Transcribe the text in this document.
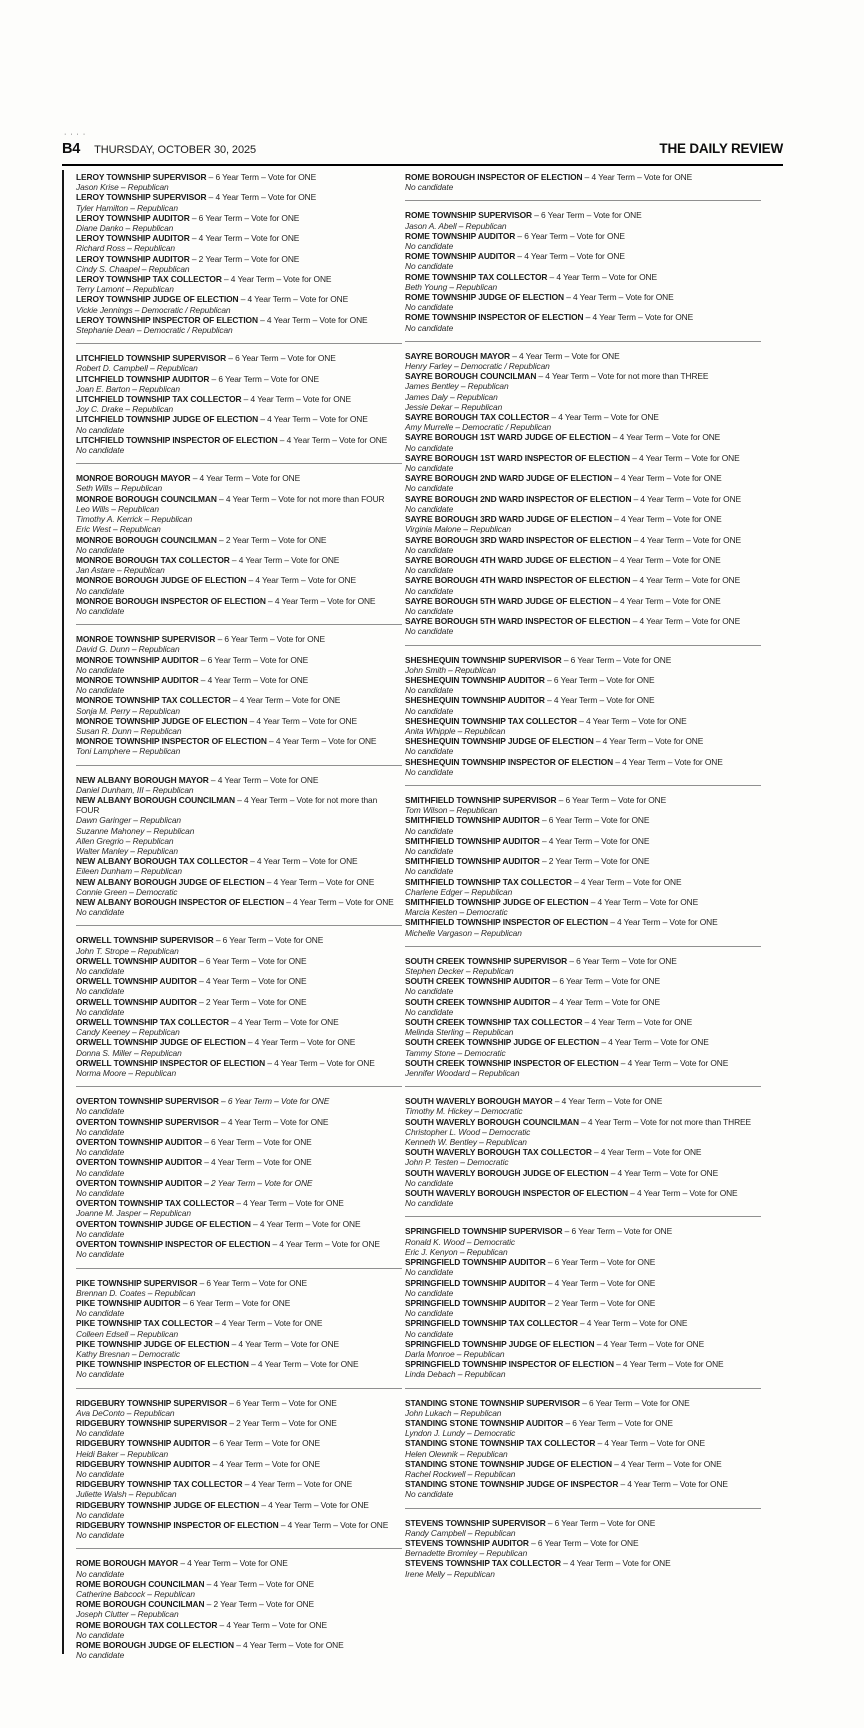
· · · ·
B4 THURSDAY, OCTOBER 30, 2025	THE DAILY REVIEW

LEROY TOWNSHIP SUPERVISOR – 6 Year Term – Vote for ONE

Jason Krise – Republican

LEROY TOWNSHIP SUPERVISOR – 4 Year Term – Vote for ONE

Tyler Hamilton – Republican

LEROY TOWNSHIP AUDITOR – 6 Year Term – Vote for ONE

Diane Danko – Republican

LEROY TOWNSHIP AUDITOR – 4 Year Term – Vote for ONE

Richard Ross – Republican

LEROY TOWNSHIP AUDITOR – 2 Year Term – Vote for ONE

Cindy S. Chaapel – Republican

LEROY TOWNSHIP TAX COLLECTOR – 4 Year Term – Vote for ONE

Terry Lamont – Republican

LEROY TOWNSHIP JUDGE OF ELECTION – 4 Year Term – Vote for ONE

Vickie Jennings – Democratic / Republican

LEROY TOWNSHIP INSPECTOR OF ELECTION – 4 Year Term – Vote for ONE

Stephanie Dean – Democratic / Republican

LITCHFIELD TOWNSHIP SUPERVISOR – 6 Year Term – Vote for ONE

Robert D. Campbell – Republican

LITCHFIELD TOWNSHIP AUDITOR – 6 Year Term – Vote for ONE

Joan E. Barton – Republican

LITCHFIELD TOWNSHIP TAX COLLECTOR – 4 Year Term – Vote for ONE

Joy C. Drake – Republican

LITCHFIELD TOWNSHIP JUDGE OF ELECTION – 4 Year Term – Vote for ONE

No candidate

LITCHFIELD TOWNSHIP INSPECTOR OF ELECTION – 4 Year Term – Vote for ONE

No candidate

MONROE BOROUGH MAYOR – 4 Year Term – Vote for ONE

Seth Wills – Republican

MONROE BOROUGH COUNCILMAN – 4 Year Term – Vote for not more than FOUR

Leo Wills – Republican

Timothy A. Kerrick – Republican

Eric West – Republican

MONROE BOROUGH COUNCILMAN – 2 Year Term – Vote for ONE

No candidate

MONROE BOROUGH TAX COLLECTOR – 4 Year Term – Vote for ONE

Jan Astare – Republican

MONROE BOROUGH JUDGE OF ELECTION – 4 Year Term – Vote for ONE

No candidate

MONROE BOROUGH INSPECTOR OF ELECTION – 4 Year Term – Vote for ONE

No candidate

MONROE TOWNSHIP SUPERVISOR – 6 Year Term – Vote for ONE

David G. Dunn – Republican

MONROE TOWNSHIP AUDITOR – 6 Year Term – Vote for ONE

No candidate

MONROE TOWNSHIP AUDITOR – 4 Year Term – Vote for ONE

No candidate

MONROE TOWNSHIP TAX COLLECTOR – 4 Year Term – Vote for ONE

Sonja M. Perry – Republican

MONROE TOWNSHIP JUDGE OF ELECTION – 4 Year Term – Vote for ONE

Susan R. Dunn – Republican

MONROE TOWNSHIP INSPECTOR OF ELECTION – 4 Year Term – Vote for ONE

Toni Lamphere – Republican

NEW ALBANY BOROUGH MAYOR – 4 Year Term – Vote for ONE

Daniel Dunham, III – Republican

NEW ALBANY BOROUGH COUNCILMAN – 4 Year Term – Vote for not more than FOUR

Dawn Garinger – Republican

Suzanne Mahoney – Republican

Allen Gregrio – Republican

Walter Manley – Republican

NEW ALBANY BOROUGH TAX COLLECTOR – 4 Year Term – Vote for ONE

Eileen Dunham – Republican

NEW ALBANY BOROUGH JUDGE OF ELECTION – 4 Year Term – Vote for ONE

Connie Green – Democratic

NEW ALBANY BOROUGH INSPECTOR OF ELECTION – 4 Year Term – Vote for ONE

No candidate

ORWELL TOWNSHIP SUPERVISOR – 6 Year Term – Vote for ONE

John T. Strope – Republican

ORWELL TOWNSHIP AUDITOR – 6 Year Term – Vote for ONE

No candidate

ORWELL TOWNSHIP AUDITOR – 4 Year Term – Vote for ONE

No candidate

ORWELL TOWNSHIP AUDITOR – 2 Year Term – Vote for ONE

No candidate

ORWELL TOWNSHIP TAX COLLECTOR – 4 Year Term – Vote for ONE

Candy Keeney – Republican

ORWELL TOWNSHIP JUDGE OF ELECTION – 4 Year Term – Vote for ONE

Donna S. Miller – Republican

ORWELL TOWNSHIP INSPECTOR OF ELECTION – 4 Year Term – Vote for ONE

Norma Moore – Republican

OVERTON TOWNSHIP SUPERVISOR – 6 Year Term – Vote for ONE

No candidate

OVERTON TOWNSHIP SUPERVISOR – 4 Year Term – Vote for ONE

No candidate

OVERTON TOWNSHIP AUDITOR – 6 Year Term – Vote for ONE

No candidate

OVERTON TOWNSHIP AUDITOR – 4 Year Term – Vote for ONE

No candidate

OVERTON TOWNSHIP AUDITOR – 2 Year Term – Vote for ONE

No candidate

OVERTON TOWNSHIP TAX COLLECTOR – 4 Year Term – Vote for ONE

Joanne M. Jasper – Republican

OVERTON TOWNSHIP JUDGE OF ELECTION – 4 Year Term – Vote for ONE

No candidate

OVERTON TOWNSHIP INSPECTOR OF ELECTION – 4 Year Term – Vote for ONE

No candidate

PIKE TOWNSHIP SUPERVISOR – 6 Year Term – Vote for ONE

Brennan D. Coates – Republican

PIKE TOWNSHIP AUDITOR – 6 Year Term – Vote for ONE

No candidate

PIKE TOWNSHIP TAX COLLECTOR – 4 Year Term – Vote for ONE

Colleen Edsell – Republican

PIKE TOWNSHIP JUDGE OF ELECTION – 4 Year Term – Vote for ONE

Kathy Bresnan – Democratic

PIKE TOWNSHIP INSPECTOR OF ELECTION – 4 Year Term – Vote for ONE

No candidate

RIDGEBURY TOWNSHIP SUPERVISOR – 6 Year Term – Vote for ONE

Ava DeConto – Republican

RIDGEBURY TOWNSHIP SUPERVISOR – 2 Year Term – Vote for ONE

No candidate

RIDGEBURY TOWNSHIP AUDITOR – 6 Year Term – Vote for ONE

Heidi Baker – Republican

RIDGEBURY TOWNSHIP AUDITOR – 4 Year Term – Vote for ONE

No candidate

RIDGEBURY TOWNSHIP TAX COLLECTOR – 4 Year Term – Vote for ONE

Juliette Walsh – Republican

RIDGEBURY TOWNSHIP JUDGE OF ELECTION – 4 Year Term – Vote for ONE

No candidate

RIDGEBURY TOWNSHIP INSPECTOR OF ELECTION – 4 Year Term – Vote for ONE

No candidate

ROME BOROUGH MAYOR – 4 Year Term – Vote for ONE

No candidate

ROME BOROUGH COUNCILMAN – 4 Year Term – Vote for ONE

Catherine Babcock – Republican

ROME BOROUGH COUNCILMAN – 2 Year Term – Vote for ONE

Joseph Clutter – Republican

ROME BOROUGH TAX COLLECTOR – 4 Year Term – Vote for ONE

No candidate

ROME BOROUGH JUDGE OF ELECTION – 4 Year Term – Vote for ONE

No candidate

ROME BOROUGH INSPECTOR OF ELECTION – 4 Year Term – Vote for ONE

No candidate

ROME TOWNSHIP SUPERVISOR – 6 Year Term – Vote for ONE

Jason A. Abell – Republican

ROME TOWNSHIP AUDITOR – 6 Year Term – Vote for ONE

No candidate

ROME TOWNSHIP AUDITOR – 4 Year Term – Vote for ONE

No candidate

ROME TOWNSHIP TAX COLLECTOR – 4 Year Term – Vote for ONE

Beth Young – Republican

ROME TOWNSHIP JUDGE OF ELECTION – 4 Year Term – Vote for ONE

No candidate

ROME TOWNSHIP INSPECTOR OF ELECTION – 4 Year Term – Vote for ONE

No candidate

SAYRE BOROUGH MAYOR – 4 Year Term – Vote for ONE

Henry Farley – Democratic / Republican

SAYRE BOROUGH COUNCILMAN – 4 Year Term – Vote for not more than THREE

James Bentley – Republican

James Daly – Republican

Jessie Dekar – Republican

SAYRE BOROUGH TAX COLLECTOR – 4 Year Term – Vote for ONE

Amy Murrelle – Democratic / Republican

SAYRE BOROUGH 1ST WARD JUDGE OF ELECTION – 4 Year Term – Vote for ONE

No candidate

SAYRE BOROUGH 1ST WARD INSPECTOR OF ELECTION – 4 Year Term – Vote for ONE

No candidate

SAYRE BOROUGH 2ND WARD JUDGE OF ELECTION – 4 Year Term – Vote for ONE

No candidate

SAYRE BOROUGH 2ND WARD INSPECTOR OF ELECTION – 4 Year Term – Vote for ONE

No candidate

SAYRE BOROUGH 3RD WARD JUDGE OF ELECTION – 4 Year Term – Vote for ONE

Virginia Malone – Republican

SAYRE BOROUGH 3RD WARD INSPECTOR OF ELECTION – 4 Year Term – Vote for ONE

No candidate

SAYRE BOROUGH 4TH WARD JUDGE OF ELECTION – 4 Year Term – Vote for ONE

No candidate

SAYRE BOROUGH 4TH WARD INSPECTOR OF ELECTION – 4 Year Term – Vote for ONE

No candidate

SAYRE BOROUGH 5TH WARD JUDGE OF ELECTION – 4 Year Term – Vote for ONE

No candidate

SAYRE BOROUGH 5TH WARD INSPECTOR OF ELECTION – 4 Year Term – Vote for ONE

No candidate

SHESHEQUIN TOWNSHIP SUPERVISOR – 6 Year Term – Vote for ONE

John Smith – Republican

SHESHEQUIN TOWNSHIP AUDITOR – 6 Year Term – Vote for ONE

No candidate

SHESHEQUIN TOWNSHIP AUDITOR – 4 Year Term – Vote for ONE

No candidate

SHESHEQUIN TOWNSHIP TAX COLLECTOR – 4 Year Term – Vote for ONE

Anita Whipple – Republican

SHESHEQUIN TOWNSHIP JUDGE OF ELECTION – 4 Year Term – Vote for ONE

No candidate

SHESHEQUIN TOWNSHIP INSPECTOR OF ELECTION – 4 Year Term – Vote for ONE

No candidate

SMITHFIELD TOWNSHIP SUPERVISOR – 6 Year Term – Vote for ONE

Tom Wilson – Republican

SMITHFIELD TOWNSHIP AUDITOR – 6 Year Term – Vote for ONE

No candidate

SMITHFIELD TOWNSHIP AUDITOR – 4 Year Term – Vote for ONE

No candidate

SMITHFIELD TOWNSHIP AUDITOR – 2 Year Term – Vote for ONE

No candidate

SMITHFIELD TOWNSHIP TAX COLLECTOR – 4 Year Term – Vote for ONE

Charlene Edger – Republican

SMITHFIELD TOWNSHIP JUDGE OF ELECTION – 4 Year Term – Vote for ONE

Marcia Kesten – Democratic

SMITHFIELD TOWNSHIP INSPECTOR OF ELECTION – 4 Year Term – Vote for ONE

Michelle Vargason – Republican

SOUTH CREEK TOWNSHIP SUPERVISOR – 6 Year Term – Vote for ONE

Stephen Decker – Republican

SOUTH CREEK TOWNSHIP AUDITOR – 6 Year Term – Vote for ONE

No candidate

SOUTH CREEK TOWNSHIP AUDITOR – 4 Year Term – Vote for ONE

No candidate

SOUTH CREEK TOWNSHIP TAX COLLECTOR – 4 Year Term – Vote for ONE

Melinda Sterling – Republican

SOUTH CREEK TOWNSHIP JUDGE OF ELECTION – 4 Year Term – Vote for ONE

Tammy Stone – Democratic

SOUTH CREEK TOWNSHIP INSPECTOR OF ELECTION – 4 Year Term – Vote for ONE

Jennifer Woodard – Republican

SOUTH WAVERLY BOROUGH MAYOR – 4 Year Term – Vote for ONE

Timothy M. Hickey – Democratic

SOUTH WAVERLY BOROUGH COUNCILMAN – 4 Year Term – Vote for not more than THREE

Christopher L. Wood – Democratic

Kenneth W. Bentley – Republican

SOUTH WAVERLY BOROUGH TAX COLLECTOR – 4 Year Term – Vote for ONE

John P. Testen – Democratic

SOUTH WAVERLY BOROUGH JUDGE OF ELECTION – 4 Year Term – Vote for ONE

No candidate

SOUTH WAVERLY BOROUGH INSPECTOR OF ELECTION – 4 Year Term – Vote for ONE

No candidate

SPRINGFIELD TOWNSHIP SUPERVISOR – 6 Year Term – Vote for ONE

Ronald K. Wood – Democratic

Eric J. Kenyon – Republican

SPRINGFIELD TOWNSHIP AUDITOR – 6 Year Term – Vote for ONE

No candidate

SPRINGFIELD TOWNSHIP AUDITOR – 4 Year Term – Vote for ONE

No candidate

SPRINGFIELD TOWNSHIP AUDITOR – 2 Year Term – Vote for ONE

No candidate

SPRINGFIELD TOWNSHIP TAX COLLECTOR – 4 Year Term – Vote for ONE

No candidate

SPRINGFIELD TOWNSHIP JUDGE OF ELECTION – 4 Year Term – Vote for ONE

Darla Monroe – Republican

SPRINGFIELD TOWNSHIP INSPECTOR OF ELECTION – 4 Year Term – Vote for ONE

Linda Debach – Republican

STANDING STONE TOWNSHIP SUPERVISOR – 6 Year Term – Vote for ONE

John Lukach – Republican

STANDING STONE TOWNSHIP AUDITOR – 6 Year Term – Vote for ONE

Lyndon J. Lundy – Democratic

STANDING STONE TOWNSHIP TAX COLLECTOR – 4 Year Term – Vote for ONE

Helen Olewnik – Republican

STANDING STONE TOWNSHIP JUDGE OF ELECTION – 4 Year Term – Vote for ONE

Rachel Rockwell – Republican

STANDING STONE TOWNSHIP JUDGE OF INSPECTOR – 4 Year Term – Vote for ONE

No candidate

STEVENS TOWNSHIP SUPERVISOR – 6 Year Term – Vote for ONE

Randy Campbell – Republican

STEVENS TOWNSHIP AUDITOR – 6 Year Term – Vote for ONE

Bernadette Bromley – Republican

STEVENS TOWNSHIP TAX COLLECTOR – 4 Year Term – Vote for ONE

Irene Melly – Republican
